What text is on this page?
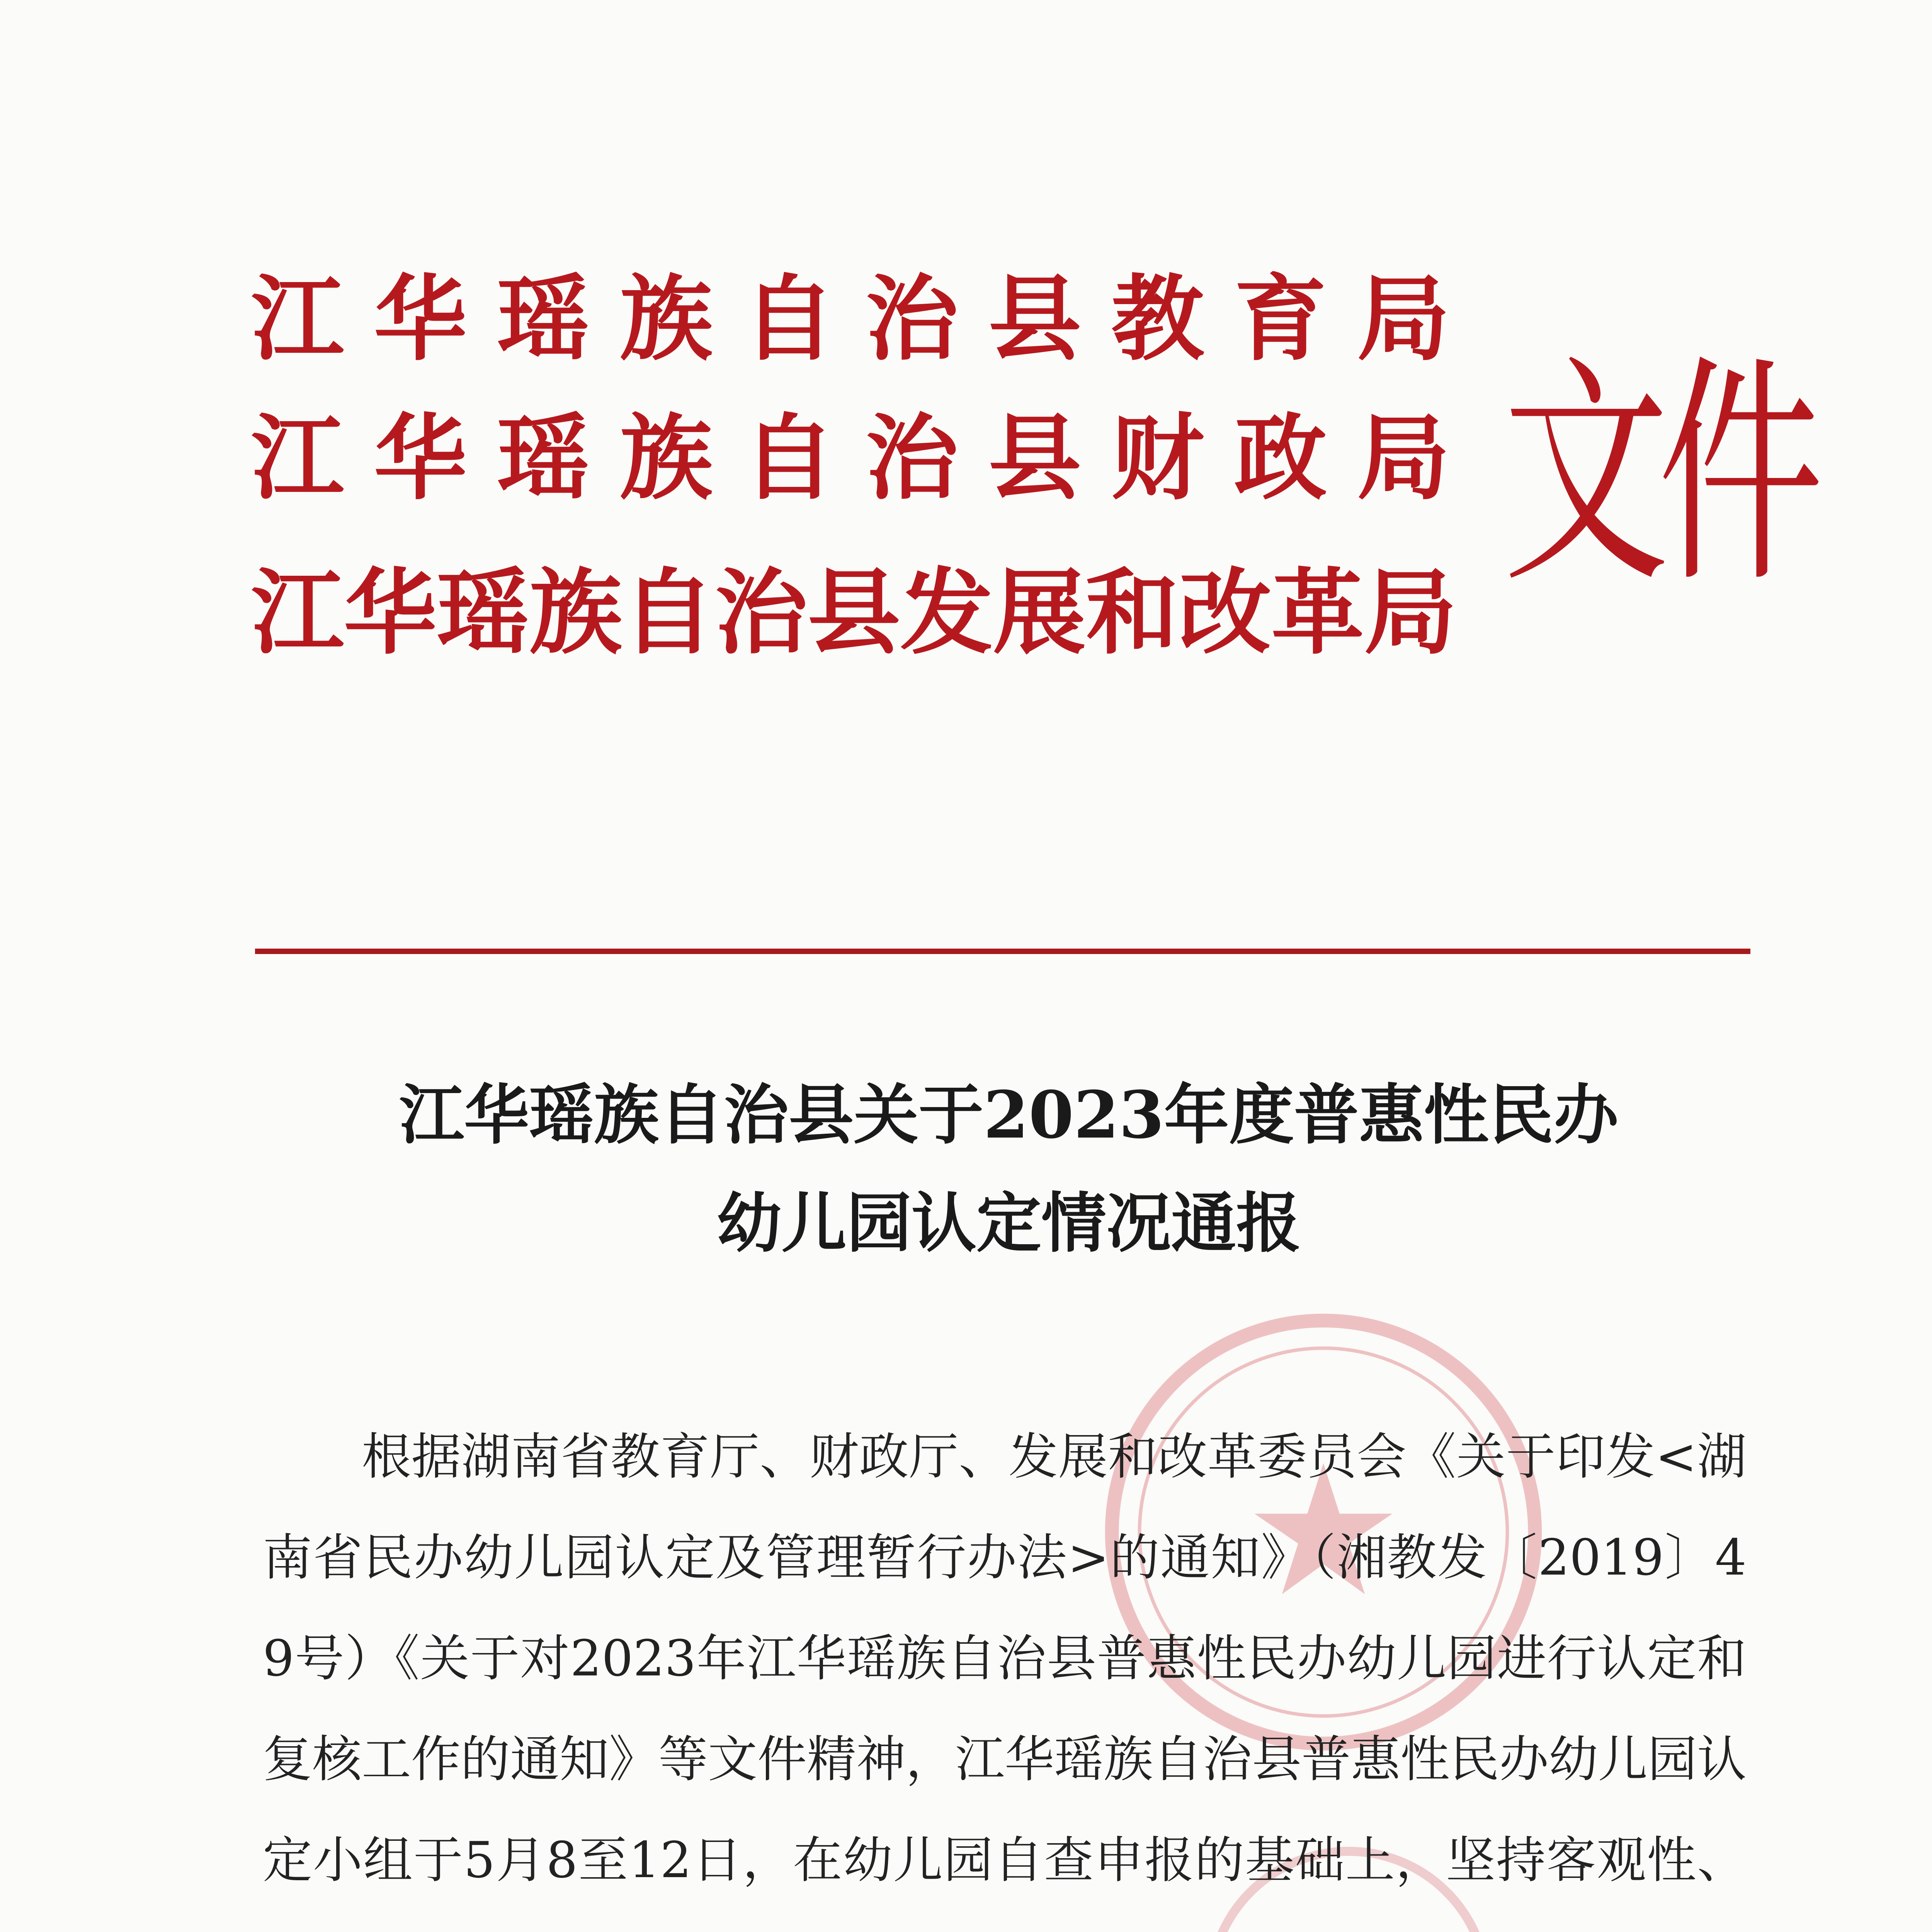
江华瑶族自治县教育局
江华瑶族自治县财政局
江华瑶族自治县发展和改革局 文件
江华瑶族自治县关于2023年度普惠性民办
幼儿园认定情况通报

根据湖南省教育厅、财政厅、发展和改革委员会《关于印发<湖南省民办幼儿园认定及管理暂行办法>的通知》（湘教发〔2019〕49号）《关于对2023年江华瑶族自治县普惠性民办幼儿园进行认定和复核工作的通知》等文件精神，江华瑶族自治县普惠性民办幼儿园认定小组于5月8至12日，在幼儿园自查申报的基础上，坚持客观性、
